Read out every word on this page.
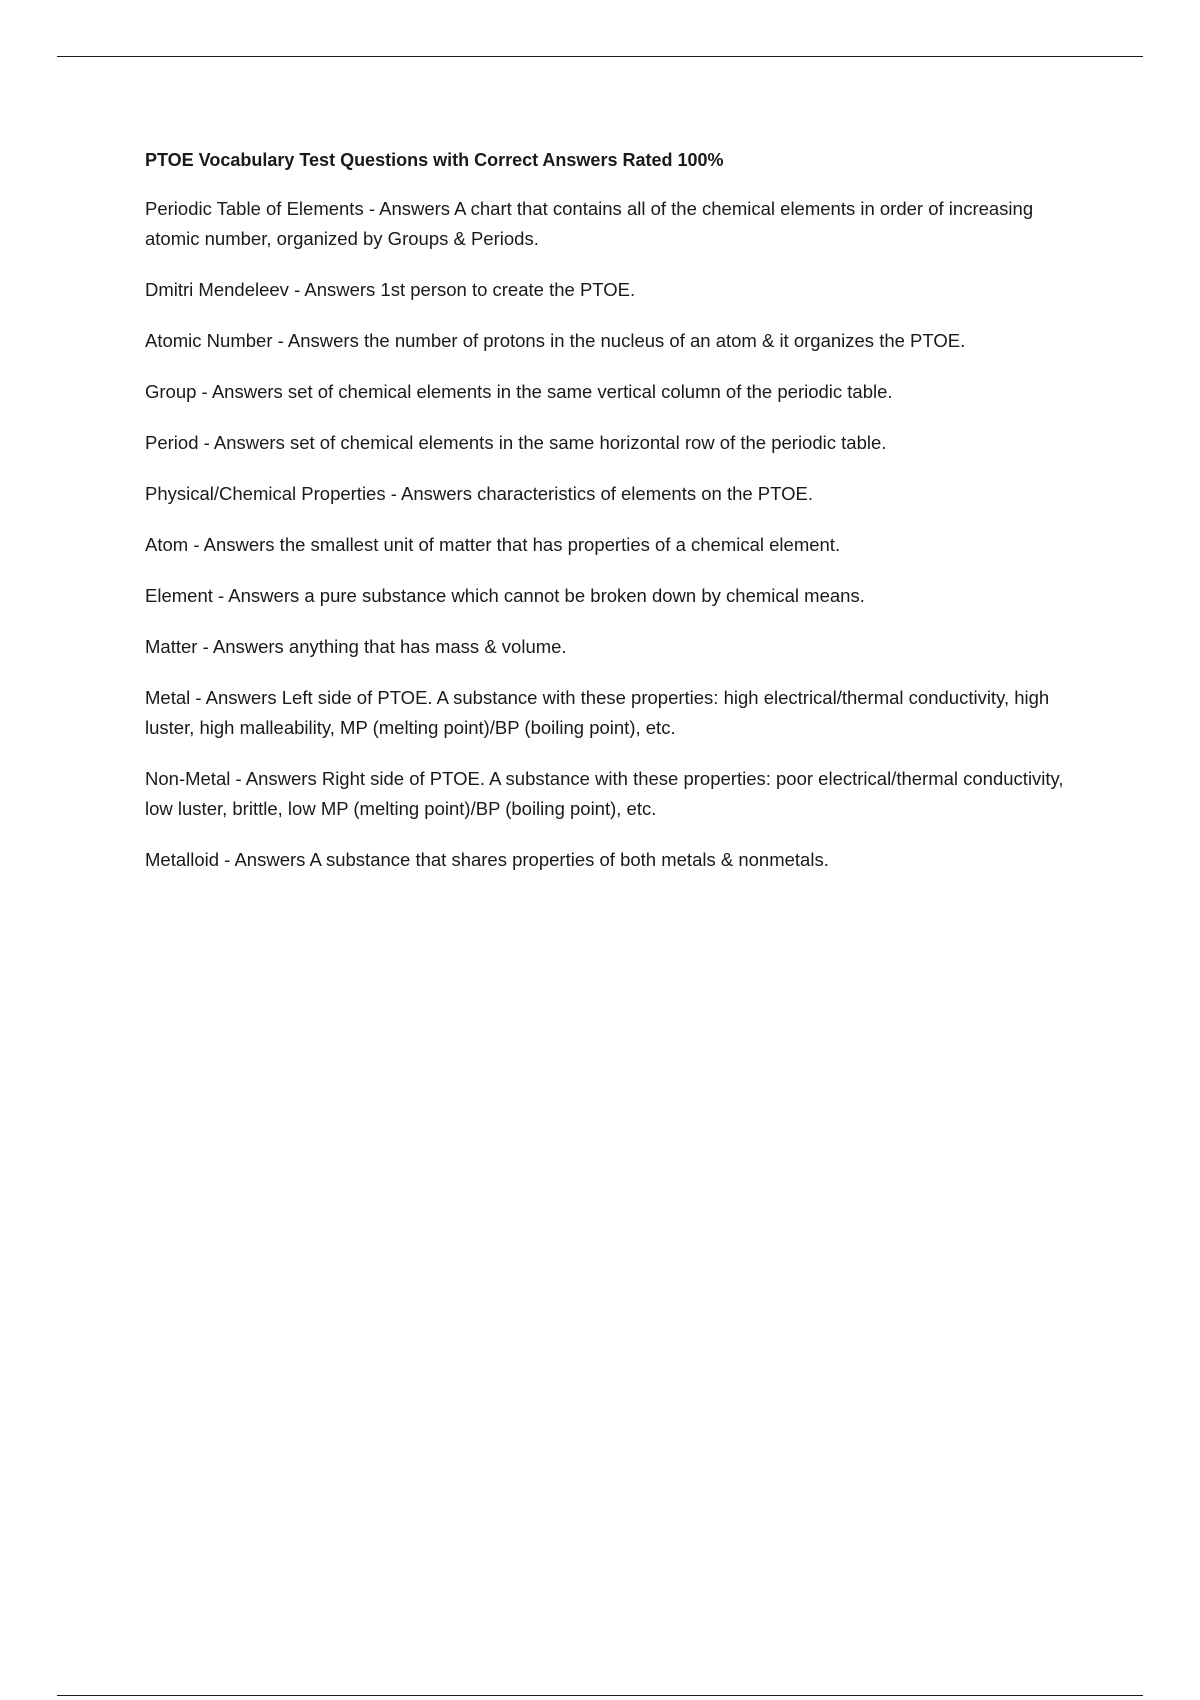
PTOE Vocabulary Test Questions with Correct Answers Rated 100%
Periodic Table of Elements - Answers A chart that contains all of the chemical elements in order of increasing atomic number, organized by Groups & Periods.
Dmitri Mendeleev - Answers 1st person to create the PTOE.
Atomic Number - Answers the number of protons in the nucleus of an atom & it organizes the PTOE.
Group - Answers set of chemical elements in the same vertical column of the periodic table.
Period - Answers set of chemical elements in the same horizontal row of the periodic table.
Physical/Chemical Properties - Answers characteristics of elements on the PTOE.
Atom - Answers the smallest unit of matter that has properties of a chemical element.
Element - Answers a pure substance which cannot be broken down by chemical means.
Matter - Answers anything that has mass & volume.
Metal - Answers Left side of PTOE. A substance with these properties: high electrical/thermal conductivity, high luster, high malleability, MP (melting point)/BP (boiling point), etc.
Non-Metal - Answers Right side of PTOE. A substance with these properties: poor electrical/thermal conductivity, low luster, brittle, low MP (melting point)/BP (boiling point), etc.
Metalloid - Answers A substance that shares properties of both metals & nonmetals.
